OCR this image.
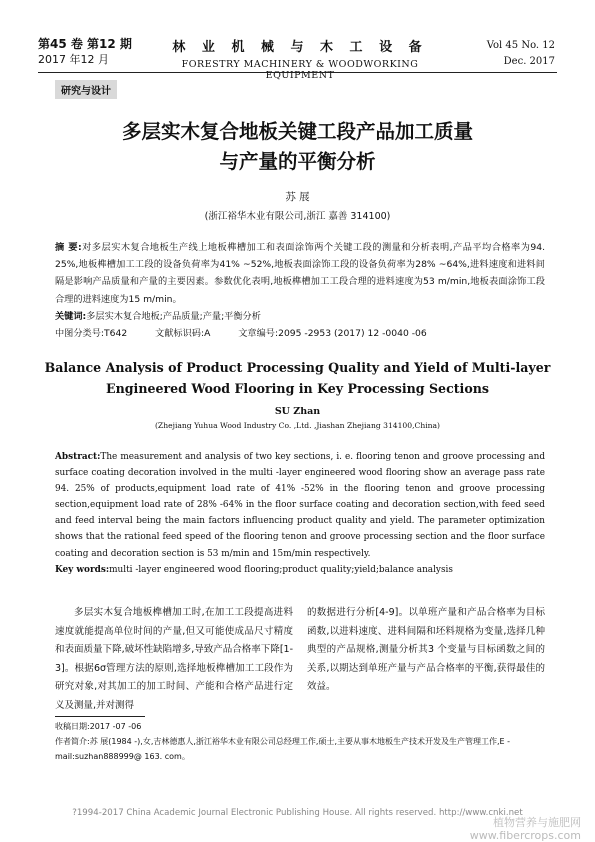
第45 卷 第12 期
2017 年12 月
林 业 机 械 与 木 工 设 备
FORESTRY MACHINERY & WOODWORKING EQUIPMENT
Vol 45 No. 12
Dec. 2017
研究与设计
多层实木复合地板关键工段产品加工质量
与产量的平衡分析
苏 展
(浙江裕华木业有限公司,浙江 嘉善 314100)
摘 要:对多层实木复合地板生产线上地板榫槽加工和表面涂饰两个关键工段的测量和分析表明,产品平均合格率为94. 25%,地板榫槽加工工段的设备负荷率为41% ~52%,地板表面涂饰工段的设备负荷率为28% ~64%,进料速度和进料间隔是影响产品质量和产量的主要因素。参数优化表明,地板榫槽加工工段合理的进料速度为53 m/min,地板表面涂饰工段合理的进料速度为15 m/min。
关键词:多层实木复合地板;产品质量;产量;平衡分析
中图分类号:T642	文献标识码:A	文章编号:2095 -2953 (2017) 12 -0040 -06
Balance Analysis of Product Processing Quality and Yield of Multi-layer
Engineered Wood Flooring in Key Processing Sections
SU Zhan
(Zhejiang Yuhua Wood Industry Co. ,Ltd. ,Jiashan Zhejiang 314100,China)
Abstract:The measurement and analysis of two key sections, i. e. flooring tenon and groove processing and surface coating decoration involved in the multi -layer engineered wood flooring show an average pass rate 94. 25% of products,equipment load rate of 41% -52% in the flooring tenon and groove processing section,equipment load rate of 28% -64% in the floor surface coating and decoration section,with feed seed and feed interval being the main factors influencing product quality and yield. The parameter optimization shows that the rational feed speed of the flooring tenon and groove processing section and the floor surface coating and decoration section is 53 m/min and 15m/min respectively.
Key words:multi -layer engineered wood flooring;product quality;yield;balance analysis
多层实木复合地板榫槽加工时,在加工工段提高进料速度就能提高单位时间的产量,但又可能使成品尺寸精度和表面质量下降,破坏性缺陷增多,导致产品合格率下降[1-3]。根据6σ管理方法的原则,选择地板榫槽加工工段作为研究对象,对其加工的加工时间、产能和合格产品进行定义及测量,并对测得
的数据进行分析[4-9]。以单班产量和产品合格率为目标函数,以进料速度、进料间隔和坯料规格为变量,选择几种典型的产品规格,测量分析其3 个变量与目标函数之间的关系,以期达到单班产量与产品合格率的平衡,获得最佳的效益。
收稿日期:2017 -07 -06
作者简介:苏 展(1984 -),女,吉林德惠人,浙江裕华木业有限公司总经理工作,硕士,主要从事木地板生产技术开发及生产管理工作,E -mail:suzhan888999@ 163. com。
?1994-2017 China Academic Journal Electronic Publishing House. All rights reserved. http://www.cnki.net
植物营养与施肥网
www.fibercrops.com
